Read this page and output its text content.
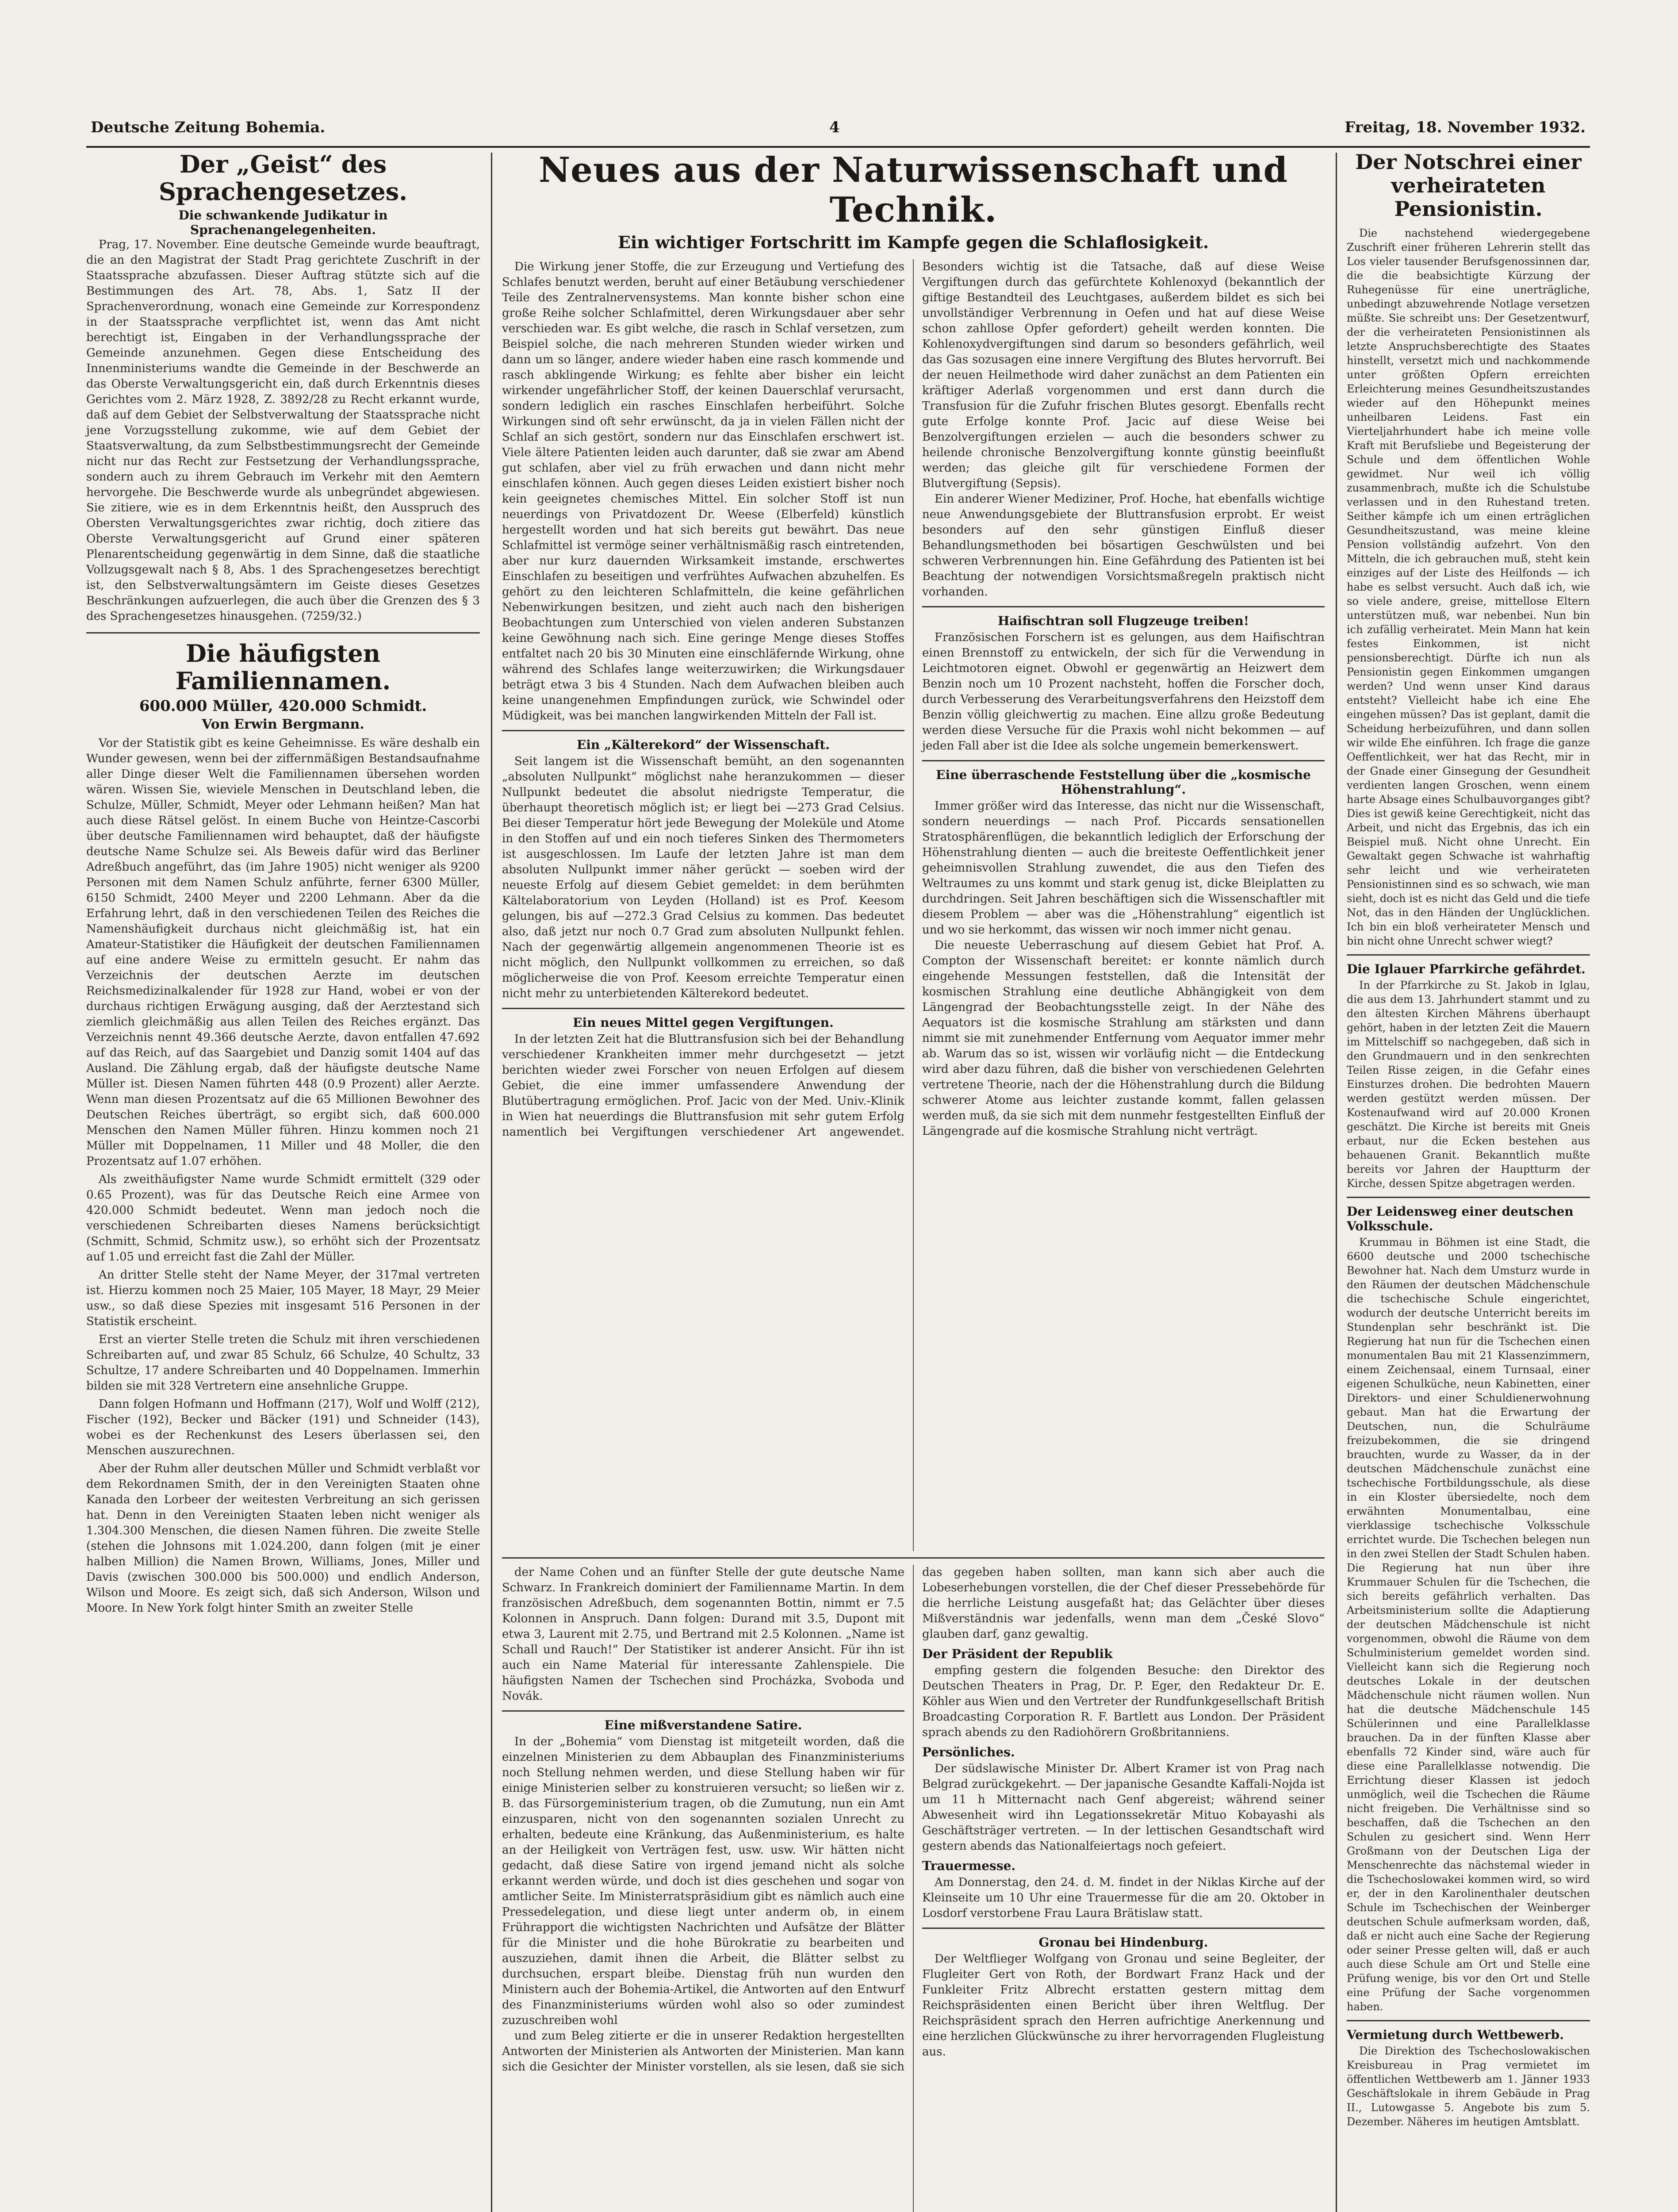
Deutsche Zeitung Bohemia.	4	Freitag, 18. November 1932.
Der „Geist“ des Sprachengesetzes.
Die schwankende Judikatur in Sprachenangelegenheiten.
Prag, 17. November. Eine deutsche Gemeinde wurde beauftragt, die an den Magistrat der Stadt Prag gerichtete Zuschrift in der Staatssprache abzufassen. Dieser Auftrag stützte sich auf die Bestimmungen des Art. 78, Abs. 1, Satz II der Sprachenverordnung, wonach eine Gemeinde zur Korrespondenz in der Staatssprache verpflichtet ist, wenn das Amt nicht berechtigt ist, Eingaben in der Verhandlungssprache der Gemeinde anzunehmen. Gegen diese Entscheidung des Innenministeriums wandte die Gemeinde in der Beschwerde an das Oberste Verwaltungsgericht ein, daß durch Erkenntnis dieses Gerichtes vom 2. März 1928, Z. 3892/28 zu Recht erkannt wurde, daß auf dem Gebiet der Selbstverwaltung der Staatssprache nicht jene Vorzugsstellung zukomme, wie auf dem Gebiet der Staatsverwaltung, da zum Selbstbestimmungsrecht der Gemeinde nicht nur das Recht zur Festsetzung der Verhandlungssprache, sondern auch zu ihrem Gebrauch im Verkehr mit den Aemtern hervorgehe. Die Beschwerde wurde als unbegründet abgewiesen. Sie zitiere, wie es in dem Erkenntnis heißt, den Ausspruch des Obersten Verwaltungsgerichtes zwar richtig, doch zitiere das Oberste Verwaltungsgericht auf Grund einer späteren Plenarentscheidung gegenwärtig in dem Sinne, daß die staatliche Vollzugsgewalt nach § 8, Abs. 1 des Sprachengesetzes berechtigt ist, den Selbstverwaltungsämtern im Geiste dieses Gesetzes Beschränkungen aufzuerlegen, die auch über die Grenzen des § 3 des Sprachengesetzes hinausgehen. (7259/32.)
Die häufigsten Familiennamen.
600.000 Müller, 420.000 Schmidt.
Von Erwin Bergmann.

Vor der Statistik gibt es keine Geheimnisse. Es wäre deshalb ein Wunder gewesen, wenn bei der ziffernmäßigen Bestandsaufnahme aller Dinge dieser Welt die Familiennamen übersehen worden wären. Wissen Sie, wieviele Menschen in Deutschland leben, die Schulze, Müller, Schmidt, Meyer oder Lehmann heißen? Man hat auch diese Rätsel gelöst. In einem Buche von Heintze-Cascorbi über deutsche Familiennamen wird behauptet, daß der häufigste deutsche Name Schulze sei. Als Beweis dafür wird das Berliner Adreßbuch angeführt, das (im Jahre 1905) nicht weniger als 9200 Personen mit dem Namen Schulz anführte, ferner 6300 Müller, 6150 Schmidt, 2400 Meyer und 2200 Lehmann. Aber da die Erfahrung lehrt, daß in den verschiedenen Teilen des Reiches die Namenshäufigkeit durchaus nicht gleichmäßig ist, hat ein Amateur-Statistiker die Häufigkeit der deutschen Familiennamen auf eine andere Weise zu ermitteln gesucht. Er nahm das Verzeichnis der deutschen Aerzte im deutschen Reichsmedizinalkalender für 1928 zur Hand, wobei er von der durchaus richtigen Erwägung ausging, daß der Aerztestand sich ziemlich gleichmäßig aus allen Teilen des Reiches ergänzt. Das Verzeichnis nennt 49.366 deutsche Aerzte, davon entfallen 47.692 auf das Reich, auf das Saargebiet und Danzig somit 1404 auf das Ausland. Die Zählung ergab, daß der häufigste deutsche Name Müller ist. Diesen Namen führten 448 (0.9 Prozent) aller Aerzte. Wenn man diesen Prozentsatz auf die 65 Millionen Bewohner des Deutschen Reiches überträgt, so ergibt sich, daß 600.000 Menschen den Namen Müller führen. Hinzu kommen noch 21 Müller mit Doppelnamen, 11 Miller und 48 Moller, die den Prozentsatz auf 1.07 erhöhen.

Als zweithäufigster Name wurde Schmidt ermittelt (329 oder 0.65 Prozent), was für das Deutsche Reich eine Armee von 420.000 Schmidt bedeutet. Wenn man jedoch noch die verschiedenen Schreibarten dieses Namens berücksichtigt (Schmitt, Schmid, Schmitz usw.), so erhöht sich der Prozentsatz auf 1.05 und erreicht fast die Zahl der Müller.

An dritter Stelle steht der Name Meyer, der 317mal vertreten ist. Hierzu kommen noch 25 Maier, 105 Mayer, 18 Mayr, 29 Meier usw., so daß diese Spezies mit insgesamt 516 Personen in der Statistik erscheint.

Erst an vierter Stelle treten die Schulz mit ihren verschiedenen Schreibarten auf, und zwar 85 Schulz, 66 Schulze, 40 Schultz, 33 Schultze, 17 andere Schreibarten und 40 Doppelnamen. Immerhin bilden sie mit 328 Vertretern eine ansehnliche Gruppe.

Dann folgen Hofmann und Hoffmann (217), Wolf und Wolff (212), Fischer (192), Becker und Bäcker (191) und Schneider (143), wobei es der Rechenkunst des Lesers überlassen sei, den Menschen auszurechnen.

Aber der Ruhm aller deutschen Müller und Schmidt verblaßt vor dem Rekordnamen Smith, der in den Vereinigten Staaten ohne Kanada den Lorbeer der weitesten Verbreitung an sich gerissen hat. Denn in den Vereinigten Staaten leben nicht weniger als 1.304.300 Menschen, die diesen Namen führen. Die zweite Stelle (stehen die Johnsons mit 1.024.200, dann folgen (mit je einer halben Million) die Namen Brown, Williams, Jones, Miller und Davis (zwischen 300.000 bis 500.000) und endlich Anderson, Wilson und Moore. Es zeigt sich, daß sich Anderson, Wilson und Moore. In New York folgt hinter Smith an zweiter Stelle

Neues aus der Naturwissenschaft und Technik.
Ein wichtiger Fortschritt im Kampfe gegen die Schlaflosigkeit.
Die Wirkung jener Stoffe, die zur Erzeugung und Vertiefung des Schlafes benutzt werden, beruht auf einer Betäubung verschiedener Teile des Zentralnervensystems. Man konnte bisher schon eine große Reihe solcher Schlafmittel, deren Wirkungsdauer aber sehr verschieden war. Es gibt welche, die rasch in Schlaf versetzen, zum Beispiel solche, die nach mehreren Stunden wieder wirken und dann um so länger, andere wieder haben eine rasch kommende und rasch abklingende Wirkung; es fehlte aber bisher ein leicht wirkender ungefährlicher Stoff, der keinen Dauerschlaf verursacht, sondern lediglich ein rasches Einschlafen herbeiführt. Solche Wirkungen sind oft sehr erwünscht, da ja in vielen Fällen nicht der Schlaf an sich gestört, sondern nur das Einschlafen erschwert ist. Viele ältere Patienten leiden auch darunter, daß sie zwar am Abend gut schlafen, aber viel zu früh erwachen und dann nicht mehr einschlafen können. Auch gegen dieses Leiden existiert bisher noch kein geeignetes chemisches Mittel. Ein solcher Stoff ist nun neuerdings von Privatdozent Dr. Weese (Elberfeld) künstlich hergestellt worden und hat sich bereits gut bewährt. Das neue Schlafmittel ist vermöge seiner verhältnismäßig rasch eintretenden, aber nur kurz dauernden Wirksamkeit imstande, erschwertes Einschlafen zu beseitigen und verfrühtes Aufwachen abzuhelfen. Es gehört zu den leichteren Schlafmitteln, die keine gefährlichen Nebenwirkungen besitzen, und zieht auch nach den bisherigen Beobachtungen zum Unterschied von vielen anderen Substanzen keine Gewöhnung nach sich. Eine geringe Menge dieses Stoffes entfaltet nach 20 bis 30 Minuten eine einschläfernde Wirkung, ohne während des Schlafes lange weiterzuwirken; die Wirkungsdauer beträgt etwa 3 bis 4 Stunden. Nach dem Aufwachen bleiben auch keine unangenehmen Empfindungen zurück, wie Schwindel oder Müdigkeit, was bei manchen langwirkenden Mitteln der Fall ist.
Ein „Kälterekord“ der Wissenschaft.
Seit langem ist die Wissenschaft bemüht, an den sogenannten „absoluten Nullpunkt“ möglichst nahe heranzukommen — dieser Nullpunkt bedeutet die absolut niedrigste Temperatur, die überhaupt theoretisch möglich ist; er liegt bei —273 Grad Celsius. Bei dieser Temperatur hört jede Bewegung der Moleküle und Atome in den Stoffen auf und ein noch tieferes Sinken des Thermometers ist ausgeschlossen. Im Laufe der letzten Jahre ist man dem absoluten Nullpunkt immer näher gerückt — soeben wird der neueste Erfolg auf diesem Gebiet gemeldet: in dem berühmten Kältelaboratorium von Leyden (Holland) ist es Prof. Keesom gelungen, bis auf —272.3 Grad Celsius zu kommen. Das bedeutet also, daß jetzt nur noch 0.7 Grad zum absoluten Nullpunkt fehlen. Nach der gegenwärtig allgemein angenommenen Theorie ist es nicht möglich, den Nullpunkt vollkommen zu erreichen, so daß möglicherweise die von Prof. Keesom erreichte Temperatur einen nicht mehr zu unterbietenden Kälterekord bedeutet.
Ein neues Mittel gegen Vergiftungen.
In der letzten Zeit hat die Bluttransfusion sich bei der Behandlung verschiedener Krankheiten immer mehr durchgesetzt — jetzt berichten wieder zwei Forscher von neuen Erfolgen auf diesem Gebiet, die eine immer umfassendere Anwendung der Blutübertragung ermöglichen. Prof. Jacic von der Med. Univ.-Klinik in Wien hat neuerdings die Bluttransfusion mit sehr gutem Erfolg namentlich bei Vergiftungen verschiedener Art angewendet. Besonders wichtig ist die Tatsache, daß auf diese Weise Vergiftungen durch das gefürchtete Kohlenoxyd (bekanntlich der giftige Bestandteil des Leuchtgases, außerdem bildet es sich bei unvollständiger Verbrennung in Oefen und hat auf diese Weise schon zahllose Opfer gefordert) geheilt werden konnten. Die Kohlenoxydvergiftungen sind darum so besonders gefährlich, weil das Gas sozusagen eine innere Vergiftung des Blutes hervorruft. Bei der neuen Heilmethode wird daher zunächst an dem Patienten ein kräftiger Aderlaß vorgenommen und erst dann durch die Transfusion für die Zufuhr frischen Blutes gesorgt. Ebenfalls recht gute Erfolge konnte Prof. Jacic auf diese Weise bei Benzolvergiftungen erzielen — auch die besonders schwer zu heilende chronische Benzolvergiftung konnte günstig beeinflußt werden; das gleiche gilt für verschiedene Formen der Blutvergiftung (Sepsis).
Ein anderer Wiener Mediziner, Prof. Hoche, hat ebenfalls wichtige neue Anwendungsgebiete der Bluttransfusion erprobt. Er weist besonders auf den sehr günstigen Einfluß dieser Behandlungsmethoden bei bösartigen Geschwülsten und bei schweren Verbrennungen hin. Eine Gefährdung des Patienten ist bei Beachtung der notwendigen Vorsichtsmaßregeln praktisch nicht vorhanden.
Haifischtran soll Flugzeuge treiben!
Französischen Forschern ist es gelungen, aus dem Haifischtran einen Brennstoff zu entwickeln, der sich für die Verwendung in Leichtmotoren eignet. Obwohl er gegenwärtig an Heizwert dem Benzin noch um 10 Prozent nachsteht, hoffen die Forscher doch, durch Verbesserung des Verarbeitungsverfahrens den Heizstoff dem Benzin völlig gleichwertig zu machen. Eine allzu große Bedeutung werden diese Versuche für die Praxis wohl nicht bekommen — auf jeden Fall aber ist die Idee als solche ungemein bemerkenswert.
Eine überraschende Feststellung über die „kosmische Höhenstrahlung“.
Immer größer wird das Interesse, das nicht nur die Wissenschaft, sondern neuerdings — nach Prof. Piccards sensationellen Stratosphärenflügen, die bekanntlich lediglich der Erforschung der Höhenstrahlung dienten — auch die breiteste Oeffentlichkeit jener geheimnisvollen Strahlung zuwendet, die aus den Tiefen des Weltraumes zu uns kommt und stark genug ist, dicke Bleiplatten zu durchdringen. Seit Jahren beschäftigen sich die Wissenschaftler mit diesem Problem — aber was die „Höhenstrahlung“ eigentlich ist und wo sie herkommt, das wissen wir noch immer nicht genau.
Die neueste Ueberraschung auf diesem Gebiet hat Prof. A. Compton der Wissenschaft bereitet: er konnte nämlich durch eingehende Messungen feststellen, daß die Intensität der kosmischen Strahlung eine deutliche Abhängigkeit von dem Längengrad der Beobachtungsstelle zeigt. In der Nähe des Aequators ist die kosmische Strahlung am stärksten und dann nimmt sie mit zunehmender Entfernung vom Aequator immer mehr ab. Warum das so ist, wissen wir vorläufig nicht — die Entdeckung wird aber dazu führen, daß die bisher von verschiedenen Gelehrten vertretene Theorie, nach der die Höhenstrahlung durch die Bildung schwerer Atome aus leichter zustande kommt, fallen gelassen werden muß, da sie sich mit dem nunmehr festgestellten Einfluß der Längengrade auf die kosmische Strahlung nicht verträgt.
der Name Cohen und an fünfter Stelle der gute deutsche Name Schwarz. In Frankreich dominiert der Familienname Martin. In dem französischen Adreßbuch, dem sogenannten Bottin, nimmt er 7.5 Kolonnen in Anspruch. Dann folgen: Durand mit 3.5, Dupont mit etwa 3, Laurent mit 2.75, und Bertrand mit 2.5 Kolonnen. „Name ist Schall und Rauch!“ Der Statistiker ist anderer Ansicht. Für ihn ist auch ein Name Material für interessante Zahlenspiele. Die häufigsten Namen der Tschechen sind Procházka, Svoboda und Novák.
Eine mißverstandene Satire.
In der „Bohemia“ vom Dienstag ist mitgeteilt worden, daß die einzelnen Ministerien zu dem Abbauplan des Finanzministeriums noch Stellung nehmen werden, und diese Stellung haben wir für einige Ministerien selber zu konstruieren versucht; so ließen wir z. B. das Fürsorgeministerium tragen, ob die Zumutung, nun ein Amt einzusparen, nicht von den sogenannten sozialen Unrecht zu erhalten, bedeute eine Kränkung, das Außenministerium, es halte an der Heiligkeit von Verträgen fest, usw. usw. Wir hätten nicht gedacht, daß diese Satire von irgend jemand nicht als solche erkannt werden würde, und doch ist dies geschehen und sogar von amtlicher Seite. Im Ministerratspräsidium gibt es nämlich auch eine Pressedelegation, und diese liegt unter anderm ob, in einem Frührapport die wichtigsten Nachrichten und Aufsätze der Blätter für die Minister und die hohe Bürokratie zu bearbeiten und auszuziehen, damit ihnen die Arbeit, die Blätter selbst zu durchsuchen, erspart bleibe. Dienstag früh nun wurden den Ministern auch der Bohemia-Artikel, die Antworten auf den Entwurf des Finanzministeriums würden wohl also so oder zumindest zuzuschreiben wohl
und zum Beleg zitierte er die in unserer Redaktion hergestellten Antworten der Ministerien als Antworten der Ministerien. Man kann sich die Gesichter der Minister vorstellen, als sie lesen, daß sie sich das gegeben haben sollten, man kann sich aber auch die Lobeserhebungen vorstellen, die der Chef dieser Pressebehörde für die herrliche Leistung ausgefaßt hat; das Gelächter über dieses Mißverständnis war jedenfalls, wenn man dem „České Slovo“ glauben darf, ganz gewaltig.
Der Präsident der Republik
empfing gestern die folgenden Besuche: den Direktor des Deutschen Theaters in Prag, Dr. P. Eger, den Redakteur Dr. E. Köhler aus Wien und den Vertreter der Rundfunkgesellschaft British Broadcasting Corporation R. F. Bartlett aus London. Der Präsident sprach abends zu den Radiohörern Großbritanniens.
Persönliches.
Der südslawische Minister Dr. Albert Kramer ist von Prag nach Belgrad zurückgekehrt. — Der japanische Gesandte Kaffali-Nojda ist um 11 h Mitternacht nach Genf abgereist; während seiner Abwesenheit wird ihn Legationssekretär Mituo Kobayashi als Geschäftsträger vertreten. — In der lettischen Gesandtschaft wird gestern abends das Nationalfeiertags noch gefeiert.
Trauermesse.
Am Donnerstag, den 24. d. M. findet in der Niklas Kirche auf der Kleinseite um 10 Uhr eine Trauermesse für die am 20. Oktober in Losdorf verstorbene Frau Laura Brätislaw statt.
Gronau bei Hindenburg.
Der Weltflieger Wolfgang von Gronau und seine Begleiter, der Flugleiter Gert von Roth, der Bordwart Franz Hack und der Funkleiter Fritz Albrecht erstatten gestern mittag dem Reichspräsidenten einen Bericht über ihren Weltflug. Der Reichspräsident sprach den Herren aufrichtige Anerkennung und eine herzlichen Glückwünsche zu ihrer hervorragenden Flugleistung aus.
Der Notschrei einer verheirateten Pensionistin.
Die nachstehend wiedergegebene Zuschrift einer früheren Lehrerin stellt das Los vieler tausender Berufsgenossinnen dar, die die beabsichtigte Kürzung der Ruhegenüsse für eine unerträgliche, unbedingt abzuwehrende Notlage versetzen müßte. Sie schreibt uns: Der Gesetzentwurf, der die verheirateten Pensionistinnen als letzte Anspruchsberechtigte des Staates hinstellt, versetzt mich und nachkommende unter größten Opfern erreichten Erleichterung meines Gesundheitszustandes wieder auf den Höhepunkt meines unheilbaren Leidens. Fast ein Vierteljahrhundert habe ich meine volle Kraft mit Berufsliebe und Begeisterung der Schule und dem öffentlichen Wohle gewidmet. Nur weil ich völlig zusammenbrach, mußte ich die Schulstube verlassen und in den Ruhestand treten. Seither kämpfe ich um einen erträglichen Gesundheitszustand, was meine kleine Pension vollständig aufzehrt. Von den Mitteln, die ich gebrauchen muß, steht kein einziges auf der Liste des Heilfonds — ich habe es selbst versucht. Auch daß ich, wie so viele andere, greise, mittellose Eltern unterstützen muß, war nebenbei. Nun bin ich zufällig verheiratet. Mein Mann hat kein festes Einkommen, ist nicht pensionsberechtigt. Dürfte ich nun als Pensionistin gegen Einkommen umgangen werden? Und wenn unser Kind daraus entsteht? Vielleicht habe ich eine Ehe eingehen müssen? Das ist geplant, damit die Scheidung herbeizuführen, und dann sollen wir wilde Ehe einführen. Ich frage die ganze Oeffentlichkeit, wer hat das Recht, mir in der Gnade einer Ginsegung der Gesundheit verdienten langen Groschen, wenn einem harte Absage eines Schulbauvorganges gibt? Dies ist gewiß keine Gerechtigkeit, nicht das Arbeit, und nicht das Ergebnis, das ich ein Beispiel muß. Nicht ohne Unrecht. Ein Gewaltakt gegen Schwache ist wahrhaftig sehr leicht und wie verheirateten Pensionistinnen sind es so schwach, wie man sieht, doch ist es nicht das Geld und die tiefe Not, das in den Händen der Unglücklichen. Ich bin ein bloß verheirateter Mensch und bin nicht ohne Unrecht schwer wiegt?
Die Iglauer Pfarrkirche gefährdet.
In der Pfarrkirche zu St. Jakob in Iglau, die aus dem 13. Jahrhundert stammt und zu den ältesten Kirchen Mährens überhaupt gehört, haben in der letzten Zeit die Mauern im Mittelschiff so nachgegeben, daß sich in den Grundmauern und in den senkrechten Teilen Risse zeigen, in die Gefahr eines Einsturzes drohen. Die bedrohten Mauern werden gestützt werden müssen. Der Kostenaufwand wird auf 20.000 Kronen geschätzt. Die Kirche ist bereits mit Gneis erbaut, nur die Ecken bestehen aus behauenen Granit. Bekanntlich mußte bereits vor Jahren der Hauptturm der Kirche, dessen Spitze abgetragen werden.
Der Leidensweg einer deutschen Volksschule.
Krummau in Böhmen ist eine Stadt, die 6600 deutsche und 2000 tschechische Bewohner hat. Nach dem Umsturz wurde in den Räumen der deutschen Mädchenschule die tschechische Schule eingerichtet, wodurch der deutsche Unterricht bereits im Stundenplan sehr beschränkt ist. Die Regierung hat nun für die Tschechen einen monumentalen Bau mit 21 Klassenzimmern, einem Zeichensaal, einem Turnsaal, einer eigenen Schulküche, neun Kabinetten, einer Direktors- und einer Schuldienerwohnung gebaut. Man hat die Erwartung der Deutschen, nun, die Schulräume freizubekommen, die sie dringend brauchten, wurde zu Wasser, da in der deutschen Mädchenschule zunächst eine tschechische Fortbildungsschule, als diese in ein Kloster übersiedelte, noch dem erwähnten Monumentalbau, eine vierklassige tschechische Volksschule errichtet wurde. Die Tschechen belegen nun in den zwei Stellen der Stadt Schulen haben. Die Regierung hat nun über ihre Krummauer Schulen für die Tschechen, die sich bereits gefährlich verhalten. Das Arbeitsministerium sollte die Adaptierung der deutschen Mädchenschule ist nicht vorgenommen, obwohl die Räume von dem Schulministerium gemeldet worden sind. Vielleicht kann sich die Regierung noch deutsches Lokale in der deutschen Mädchenschule nicht räumen wollen. Nun hat die deutsche Mädchenschule 145 Schülerinnen und eine Parallelklasse brauchen. Da in der fünften Klasse aber ebenfalls 72 Kinder sind, wäre auch für diese eine Parallelklasse notwendig. Die Errichtung dieser Klassen ist jedoch unmöglich, weil die Tschechen die Räume nicht freigeben. Die Verhältnisse sind so beschaffen, daß die Tschechen an den Schulen zu gesichert sind. Wenn Herr Großmann von der Deutschen Liga der Menschenrechte das nächstemal wieder in die Tschechoslowakei kommen wird, so wird er, der in den Karolinenthaler deutschen Schule im Tschechischen der Weinberger deutschen Schule aufmerksam worden, daß, daß er nicht auch eine Sache der Regierung oder seiner Presse gelten will, daß er auch auch diese Schule am Ort und Stelle eine Prüfung wenige, bis vor den Ort und Stelle eine Prüfung der Sache vorgenommen haben.
Vermietung durch Wettbewerb.
Die Direktion des Tschechoslowakischen Kreisbureau in Prag vermietet im öffentlichen Wettbewerb am 1. Jänner 1933 Geschäftslokale in ihrem Gebäude in Prag II., Lutowgasse 5. Angebote bis zum 5. Dezember. Näheres im heutigen Amtsblatt.
